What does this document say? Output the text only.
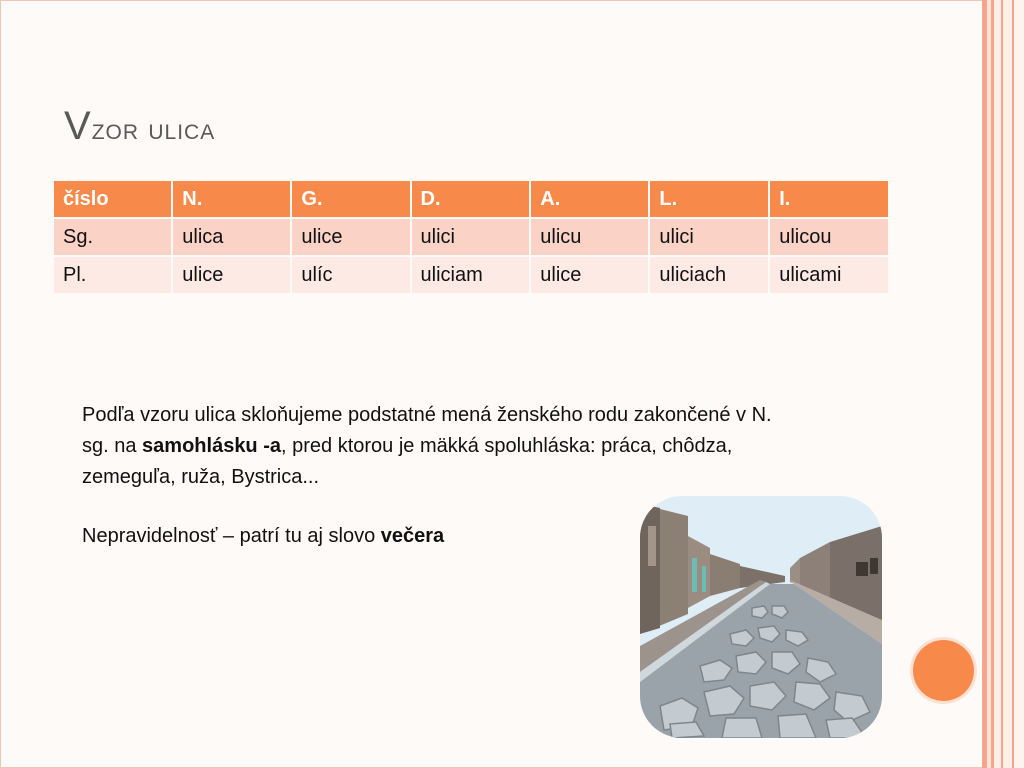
Vzor ulica
číslo	N.	G.	D.	A.	L.	I.
Sg.	ulica	ulice	ulici	ulicu	ulici	ulicou
Pl.	ulice	ulíc	uliciam	ulice	uliciach	ulicami
Podľa vzoru ulica skloňujeme podstatné mená ženského rodu zakončené v N. sg. na samohlásku -a, pred ktorou je mäkká spoluhláska: práca, chôdza, zemeguľa, ruža, Bystrica...
Nepravidelnosť – patrí tu aj slovo večera
